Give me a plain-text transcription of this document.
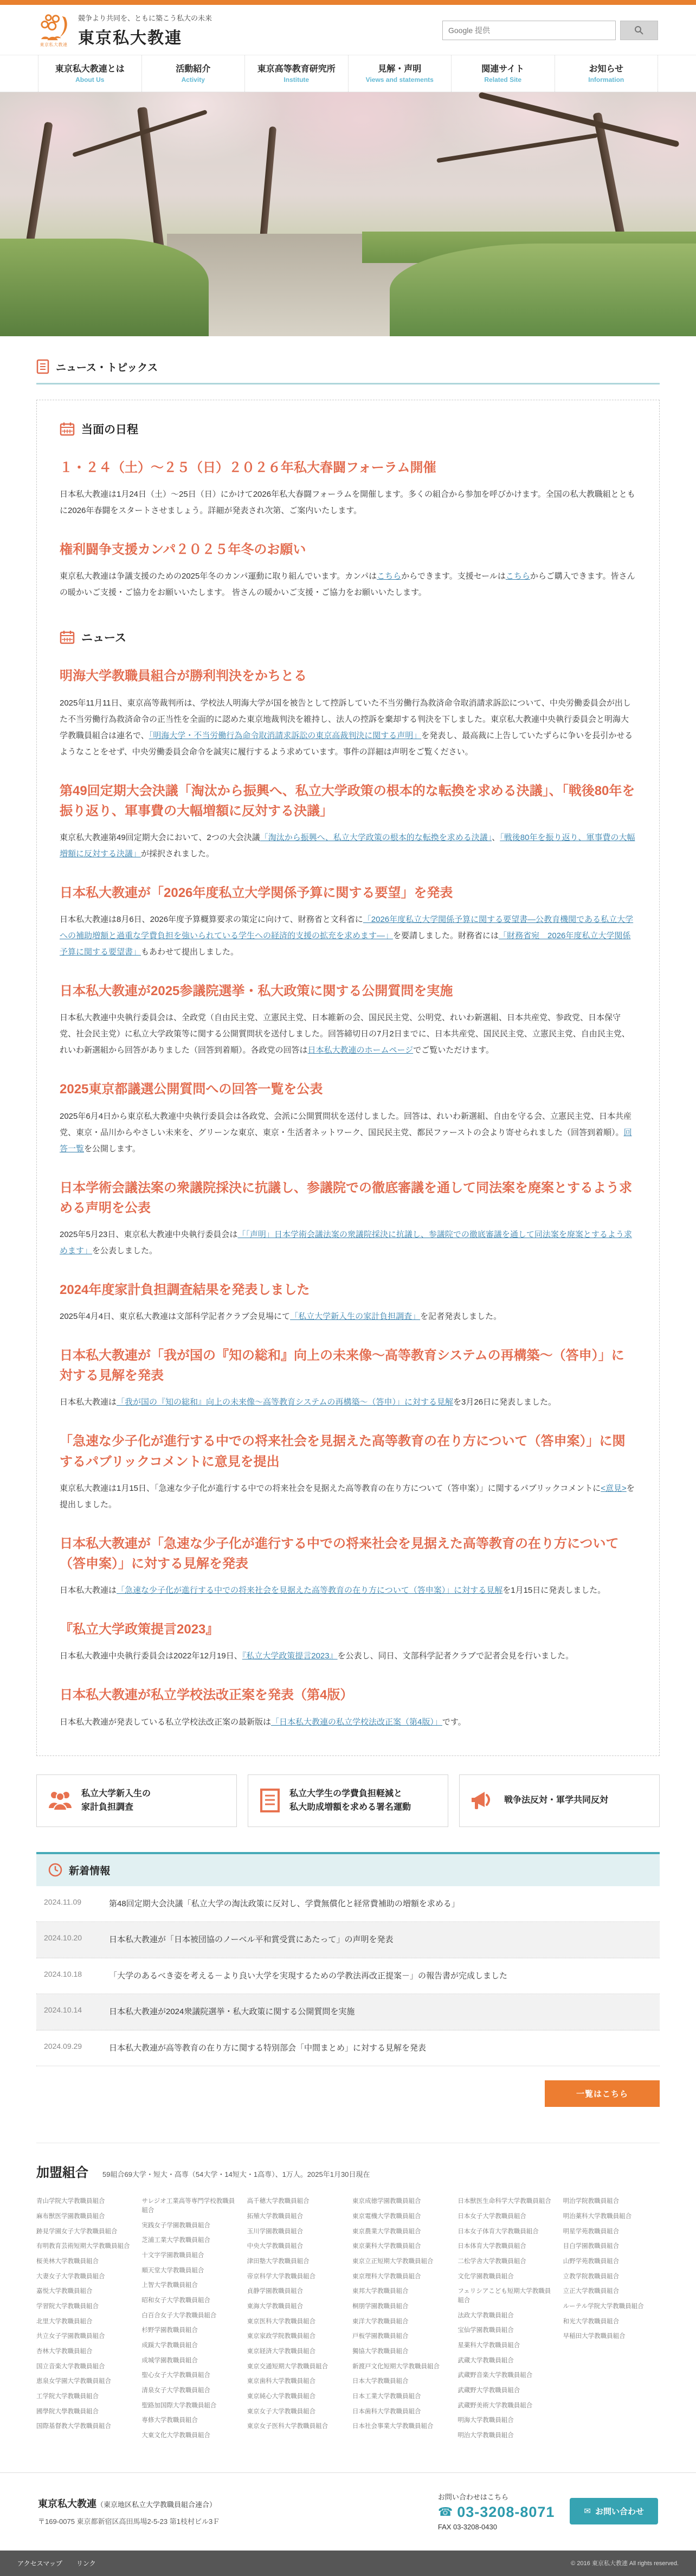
東京私大教連
競争より共同を、ともに築こう私大の未来
東京私大教連
Google 提供
東京私大教連とは
About Us
活動紹介
Activity
東京高等教育研究所
Institute
見解・声明
Views and statements
関連サイト
Related Site
お知らせ
Information
ニュース・トピックス
当面の日程
１・２４（土）～２５（日）２０２６年私大春闘フォーラム開催

日本私大教連は1月24日（土）～25日（日）にかけて2026年私大春闘フォーラムを開催します。多くの組合から参加を呼びかけます。全国の私大教職組とともに2026年春闘をスタートさせましょう。詳細が発表され次第、ご案内いたします。

権利闘争支援カンパ２０２５年冬のお願い

東京私大教連は争議支援のための2025年冬のカンパ運動に取り組んでいます。カンパはこちらからできます。支援セールはこちらからご購入できます。皆さんの暖かいご支援・ご協力をお願いいたします。 皆さんの暖かいご支援・ご協力をお願いいたします。

ニュース
明海大学教職員組合が勝利判決をかちとる

2025年11月11日、東京高等裁判所は、学校法人明海大学が国を被告として控訴していた不当労働行為救済命令取消請求訴訟について、中央労働委員会が出した不当労働行為救済命令の正当性を全面的に認めた東京地裁判決を維持し、法人の控訴を棄却する判決を下しました。東京私大教連中央執行委員会と明海大学教職員組合は連名で、「明海大学・不当労働行為命令取消請求訴訟の東京高裁判決に関する声明」を発表し、最高裁に上告していたずらに争いを長引かせるようなことをせず、中央労働委員会命令を誠実に履行するよう求めています。事件の詳細は声明をご覧ください。

第49回定期大会決議「淘汰から振興へ、私立大学政策の根本的な転換を求める決議」、「戦後80年を振り返り、軍事費の大幅増額に反対する決議」

東京私大教連第49回定期大会において、2つの大会決議「淘汰から振興へ、私立大学政策の根本的な転換を求める決議」、「戦後80年を振り返り、軍事費の大幅増額に反対する決議」が採択されました。

日本私大教連が「2026年度私立大学関係予算に関する要望」を発表

日本私大教連は8月6日、2026年度予算概算要求の策定に向けて、財務省と文科省に「2026年度私立大学関係予算に関する要望書―公教育機関である私立大学への補助増額と過重な学費負担を強いられている学生への経済的支援の拡充を求めます―」を要請しました。財務省には「財務省宛　2026年度私立大学関係予算に関する要望書」もあわせて提出しました。

日本私大教連が2025参議院選挙・私大政策に関する公開質問を実施

日本私大教連中央執行委員会は、全政党（自由民主党、立憲民主党、日本維新の会、国民民主党、公明党、れいわ新選組、日本共産党、参政党、日本保守党、社会民主党）に私立大学政策等に関する公開質問状を送付しました。回答締切日の7月2日までに、日本共産党、国民民主党、立憲民主党、自由民主党、れいわ新選組から回答がありました（回答到着順）。各政党の回答は日本私大教連のホームページでご覧いただけます。

2025東京都議選公開質問への回答一覧を公表

2025年6月4日から東京私大教連中央執行委員会は各政党、会派に公開質問状を送付しました。回答は、れいわ新選組、自由を守る会、立憲民主党、日本共産党、東京・品川からやさしい未来を、グリーンな東京、東京・生活者ネットワーク、国民民主党、都民ファーストの会より寄せられました（回答到着順）。回答一覧を公開します。

日本学術会議法案の衆議院採決に抗議し、参議院での徹底審議を通して同法案を廃案とするよう求める声明を公表

2025年5月23日、東京私大教連中央執行委員会は「「声明」日本学術会議法案の衆議院採決に抗議し、参議院での徹底審議を通して同法案を廃案とするよう求めます」を公表しました。

2024年度家計負担調査結果を発表しました

2025年4月4日、東京私大教連は文部科学記者クラブ会見場にて「私立大学新入生の家計負担調査」を記者発表しました。

日本私大教連が「我が国の『知の総和』向上の未来像～高等教育システムの再構築～（答申）」に対する見解を発表

日本私大教連は「我が国の『知の総和』向上の未来像～高等教育システムの再構築～（答申）」に対する見解を3月26日に発表しました。

「急速な少子化が進行する中での将来社会を見据えた高等教育の在り方について（答申案）」に関するパブリックコメントに意見を提出

東京私大教連は1月15日、「急速な少子化が進行する中での将来社会を見据えた高等教育の在り方について（答申案）」に関するパブリックコメントに<意見>を提出しました。

日本私大教連が「急速な少子化が進行する中での将来社会を見据えた高等教育の在り方について（答申案）」に対する見解を発表

日本私大教連は「急速な少子化が進行する中での将来社会を見据えた高等教育の在り方について（答申案）」に対する見解を1月15日に発表しました。

『私立大学政策提言2023』

日本私大教連中央執行委員会は2022年12月19日、『私立大学政策提言2023』を公表し、同日、文部科学記者クラブで記者会見を行いました。

日本私大教連が私立学校法改正案を発表（第4版）

日本私大教連が発表している私立学校法改正案の最新版は「日本私大教連の私立学校法改正案（第4版）」です。

私立大学新入生の
家計負担調査
私立大学生の学費負担軽減と
私大助成増額を求める署名運動
戦争法反対・軍学共同反対
新着情報
2024.11.09	第48回定期大会決議「私立大学の淘汰政策に反対し、学費無償化と経常費補助の増額を求める」
2024.10.20	日本私大教連が「日本被団協のノーベル平和賞受賞にあたって」の声明を発表
2024.10.18	「大学のあるべき姿を考える－より良い大学を実現するための学教法再改正提案－」の報告書が完成しました
2024.10.14	日本私大教連が2024衆議院選挙・私大政策に関する公開質問を実施
2024.09.29	日本私大教連が高等教育の在り方に関する特別部会「中間まとめ」に対する見解を発表
一覧はこちら
加盟組合 59組合69大学・短大・高専（54大学・14短大・1高専）、1万人。2025年1月30日現在

青山学院大学教職員組合

麻布獣医学園教職員組合

跡見学園女子大学教職員組合

有明教育芸術短期大学教職員組合

桜美林大学教職員組合

大妻女子大学教職員組合

嘉悦大学教職員組合

学習院大学教職員組合

北里大学教職員組合

共立女子学園教職員組合

杏林大学教職員組合

国立音楽大学教職員組合

恵泉女学園大学教職員組合

工学院大学教職員組合

國學院大學教職員組合

国際基督教大学教職員組合

サレジオ工業高等専門学校教職員組合

実践女子学園教職員組合

芝浦工業大学教職員組合

十文字学園教職員組合

順天堂大学教職員組合

上智大学教職員組合

昭和女子大学教職員組合

白百合女子大学教職員組合

杉野学園教職員組合

成蹊大学教職員組合

成城学園教職員組合

聖心女子大学教職員組合

清泉女子大学教職員組合

聖路加国際大学教職員組合

専修大学教職員組合

大東文化大学教職員組合

高千穂大学教職員組合

拓殖大学教職員組合

玉川学園教職員組合

中央大学教職員組合

津田塾大学教職員組合

帝京科学大学教職員組合

貞静学園教職員組合

東海大学教職員組合

東京医科大学教職員組合

東京家政学院教職員組合

東京経済大学教職員組合

東京交通短期大学教職員組合

東京歯科大学教職員組合

東京純心大学教職員組合

東京女子大学教職員組合

東京女子医科大学教職員組合

東京成徳学園教職員組合

東京電機大学教職員組合

東京農業大学教職員組合

東京薬科大学教職員組合

東京立正短期大学教職員組合

東京理科大学教職員組合

東邦大学教職員組合

桐朋学園教職員組合

東洋大学教職員組合

戸板学園教職員組合

獨協大学教職員組合

新渡戸文化短期大学教職員組合

日本大学教職員組合

日本工業大学教職員組合

日本歯科大学教職員組合

日本社会事業大学教職員組合

日本獣医生命科学大学教職員組合

日本女子大学教職員組合

日本女子体育大学教職員組合

日本体育大学教職員組合

二松学舎大学教職員組合

文化学園教職員組合

フェリシアこども短期大学教職員組合

法政大学教職員組合

宝仙学園教職員組合

星薬科大学教職員組合

武蔵大学教職員組合

武蔵野音楽大学教職員組合

武蔵野大学教職員組合

武蔵野美術大学教職員組合

明海大学教職員組合

明治大学教職員組合

明治学院教職員組合

明治薬科大学教職員組合

明星学苑教職員組合

目白学園教職員組合

山野学苑教職員組合

立教学院教職員組合

立正大学教職員組合

ルーテル学院大学教職員組合

和光大学教職員組合

早稲田大学教職員組合

東京私大教連（東京地区私立大学教職員組合連合）
〒169-0075 東京都新宿区高田馬場2-5-23 第1枝村ビル3Ｆ
お問い合わせはこちら
☎ 03-3208-8071
FAX 03-3208-0430
✉ お問い合わせ
アクセスマップ リンク	© 2016 東京私大教連 All rights reserved.
